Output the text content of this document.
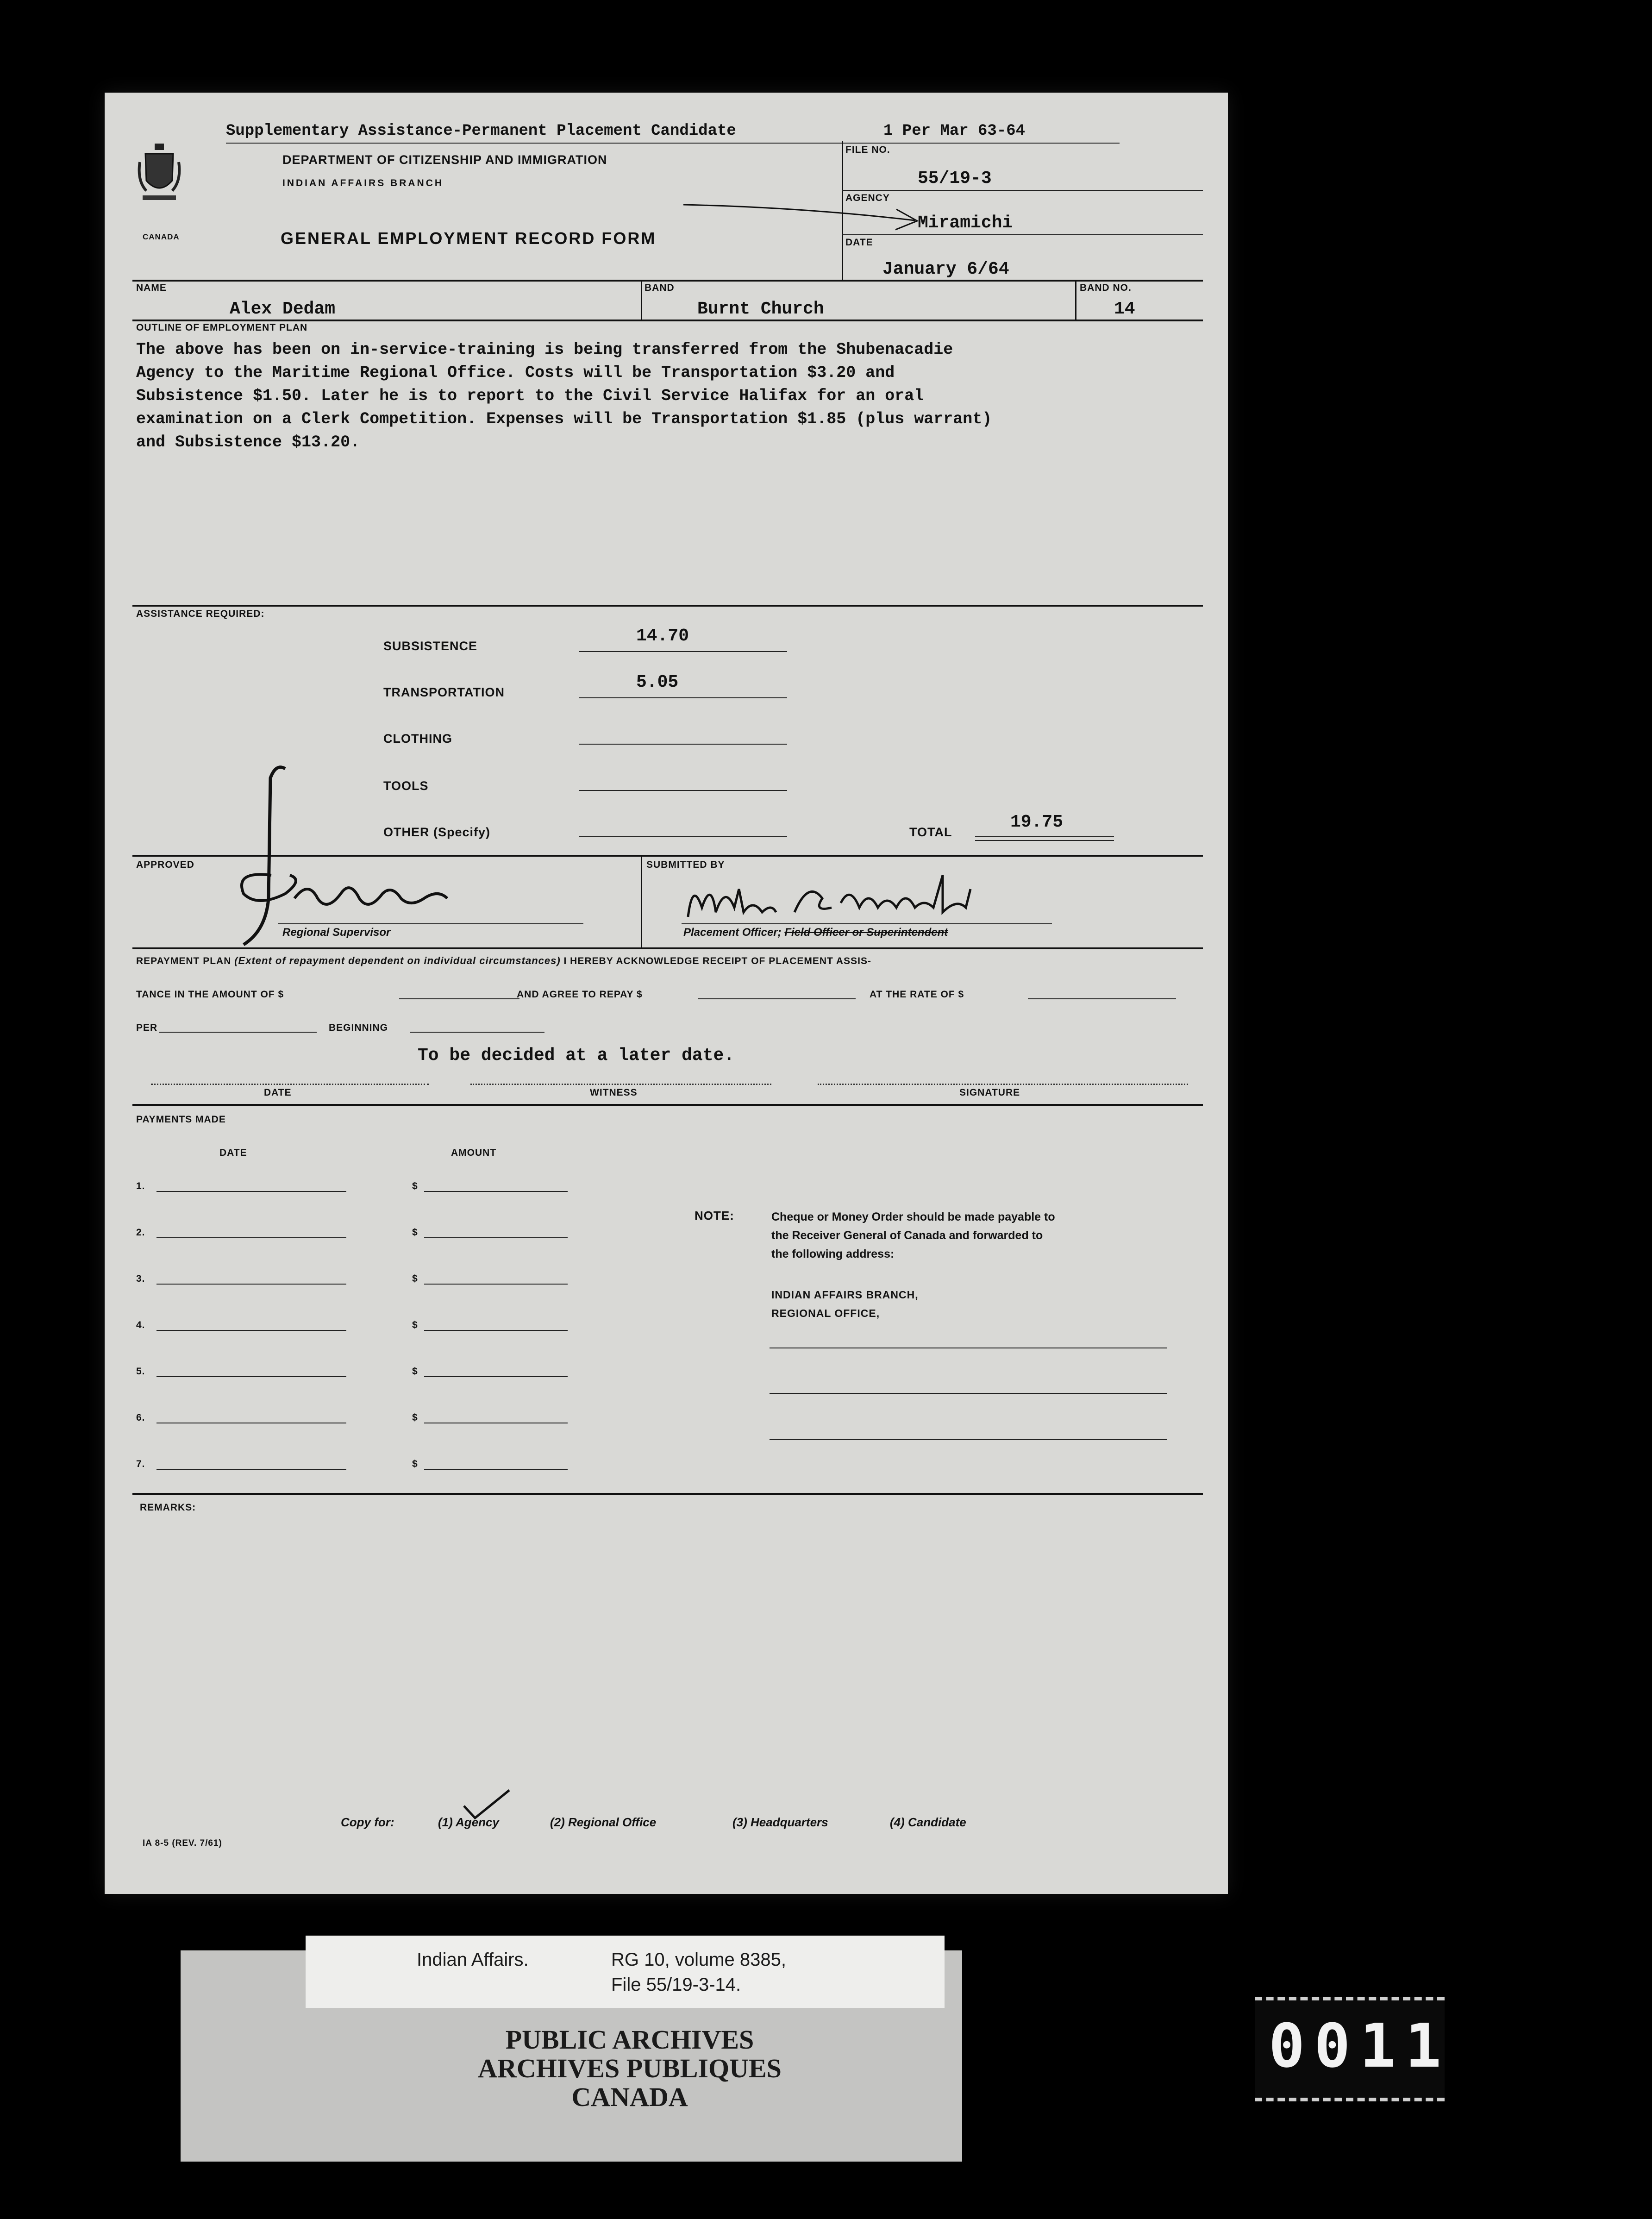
CANADA
Supplementary Assistance-Permanent Placement Candidate	1 Per Mar 63-64
DEPARTMENT OF CITIZENSHIP AND IMMIGRATION
INDIAN AFFAIRS BRANCH
GENERAL EMPLOYMENT RECORD FORM
FILE NO.
55/19-3
AGENCY
Miramichi
DATE
January 6/64
NAME
Alex Dedam
BAND
Burnt Church
BAND NO.
14
OUTLINE OF EMPLOYMENT PLAN

The above has been on in-service-training is being transferred from the Shubenacadie

Agency to the Maritime Regional Office. Costs will be Transportation $3.20 and

Subsistence $1.50. Later he is to report to the Civil Service Halifax for an oral

examination on a Clerk Competition. Expenses will be Transportation $1.85 (plus warrant)

and Subsistence $13.20.

ASSISTANCE REQUIRED:
SUBSISTENCE	14.70
TRANSPORTATION	5.05
CLOTHING
TOOLS
OTHER (Specify)	TOTAL	19.75
APPROVED
Regional Supervisor
SUBMITTED BY
Placement Officer; Field Officer or Superintendent
REPAYMENT PLAN (Extent of repayment dependent on individual circumstances) I HEREBY ACKNOWLEDGE RECEIPT OF PLACEMENT ASSIS-
TANCE IN THE AMOUNT OF $	AND AGREE TO REPAY $	AT THE RATE OF $
PER	BEGINNING
To be decided at a later date.
DATE	WITNESS	SIGNATURE
PAYMENTS MADE
DATE	AMOUNT
1.	$
2.	$
3.	$
4.	$
5.	$
6.	$
7.	$
NOTE:	Cheque or Money Order should be made payable to
the Receiver General of Canada and forwarded to
the following address:
INDIAN AFFAIRS BRANCH,
REGIONAL OFFICE,
REMARKS:
IA 8-5 (REV. 7/61)
Copy for:	(1) Agency	(2) Regional Office	(3) Headquarters	(4) Candidate
Indian Affairs.	RG 10, volume 8385,
File 55/19-3-14.
PUBLIC ARCHIVES
ARCHIVES PUBLIQUES
CANADA
0011
